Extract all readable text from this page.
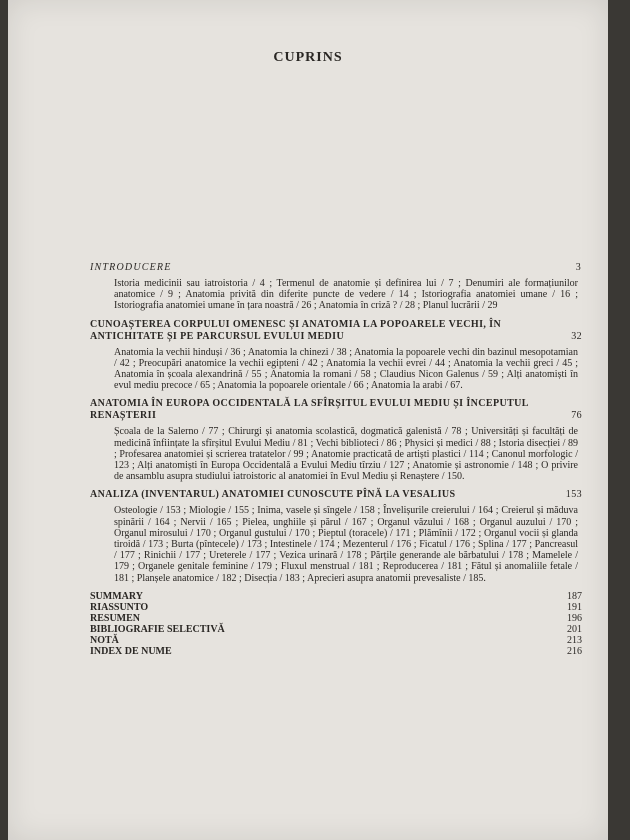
CUPRINS
INTRODUCERE	3
Istoria medicinii sau iatroistoria / 4 ; Termenul de anatomie și definirea lui / 7 ; Denumiri ale formațiunilor anatomice / 9 ; Anatomia privită din diferite puncte de vedere / 14 ; Istoriografia anatomiei umane / 16 ; Istoriografia anatomiei umane în țara noastră / 26 ; Anatomia în criză ? / 28 ; Planul lucrării / 29
CUNOAȘTEREA CORPULUI OMENESC ȘI ANATOMIA LA POPOARELE VECHI, ÎN ANTICHITATE ȘI PE PARCURSUL EVULUI MEDIU	32
Anatomia la vechii hinduși / 36 ; Anatomia la chinezi / 38 ; Anatomia la popoarele vechi din bazinul mesopotamian / 42 ; Preocupări anatomice la vechii egipteni / 42 ; Anatomia la vechii evrei / 44 ; Anatomia la vechii greci / 45 ; Anatomia în școala alexandrină / 55 ; Anatomia la romani / 58 ; Claudius Nicon Galenus / 59 ; Alți anatomiști în evul mediu precoce / 65 ; Anatomia la popoarele orientale / 66 ; Anatomia la arabi / 67.
ANATOMIA ÎN EUROPA OCCIDENTALĂ LA SFÎRȘITUL EVULUI MEDIU ȘI ÎNCEPUTUL RENAȘTERII	76
Școala de la Salerno / 77 ; Chirurgi și anatomia scolastică, dogmatică galenistă / 78 ; Universități și facultăți de medicină înființate la sfîrșitul Evului Mediu / 81 ; Vechi biblioteci / 86 ; Physici și medici / 88 ; Istoria disecției / 89 ; Profesarea anatomiei și scrierea tratatelor / 99 ; Anatomie practicată de artiști plastici / 114 ; Canonul morfologic / 123 ; Alți anatomiști în Europa Occidentală a Evului Mediu tîrziu / 127 ; Anatomie și astronomie / 148 ; O privire de ansamblu asupra studiului iatroistoric al anatomiei în Evul Mediu și Renaștere / 150.
ANALIZA (INVENTARUL) ANATOMIEI CUNOSCUTE PÎNĂ LA VESALIUS	153
Osteologie / 153 ; Miologie / 155 ; Inima, vasele și sîngele / 158 ; Învelișurile creierului / 164 ; Creierul și măduva spinării / 164 ; Nervii / 165 ; Pielea, unghiile și părul / 167 ; Organul văzului / 168 ; Organul auzului / 170 ; Organul mirosului / 170 ; Organul gustului / 170 ; Pieptul (toracele) / 171 ; Plămînii / 172 ; Organul vocii și glanda tiroidă / 173 ; Burta (pîntecele) / 173 ; Intestinele / 174 ; Mezenterul / 176 ; Ficatul / 176 ; Splina / 177 ; Pancreasul / 177 ; Rinichii / 177 ; Ureterele / 177 ; Vezica urinară / 178 ; Părțile generande ale bărbatului / 178 ; Mamelele / 179 ; Organele genitale feminine / 179 ; Fluxul menstrual / 181 ; Reproducerea / 181 ; Fătul și anomaliile fetale / 181 ; Planșele anatomice / 182 ; Disecția / 183 ; Aprecieri asupra anatomii prevesaliste / 185.
SUMMARY	187
RIASSUNTO	191
RESUMEN	196
BIBLIOGRAFIE SELECTIVĂ	201
NOTĂ	213
INDEX DE NUME	216
